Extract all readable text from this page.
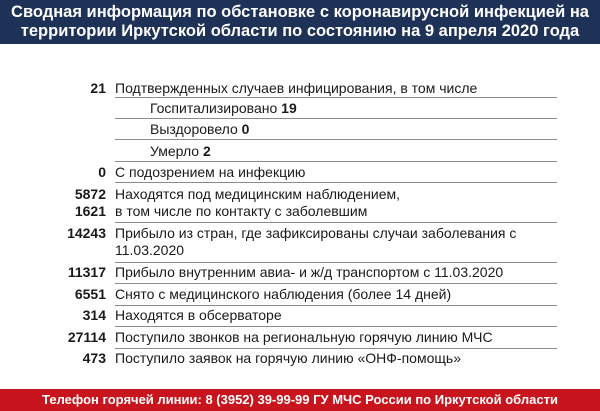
Сводная информация по обстановке с коронавирусной инфекцией на
территории Иркутской области по состоянию на 9 апреля 2020 года
21 Подтвержденных случаев инфицирования, в том числе
Госпитализировано 19
Выздоровело 0
Умерло 2
0 С подозрением на инфекцию
5872 Находятся под медицинским наблюдением,
1621 в том числе по контакту с заболевшим
14243 Прибыло из стран, где зафиксированы случаи заболевания с
11.03.2020
11317 Прибыло внутренним авиа- и ж/д транспортом с 11.03.2020
6551 Снято с медицинского наблюдения (более 14 дней)
314 Находятся в обсерваторе
27114 Поступило звонков на региональную горячую линию МЧС
473 Поступило заявок на горячую линию «ОНФ-помощь»
Телефон горячей линии: 8 (3952) 39-99-99 ГУ МЧС России по Иркутской области
